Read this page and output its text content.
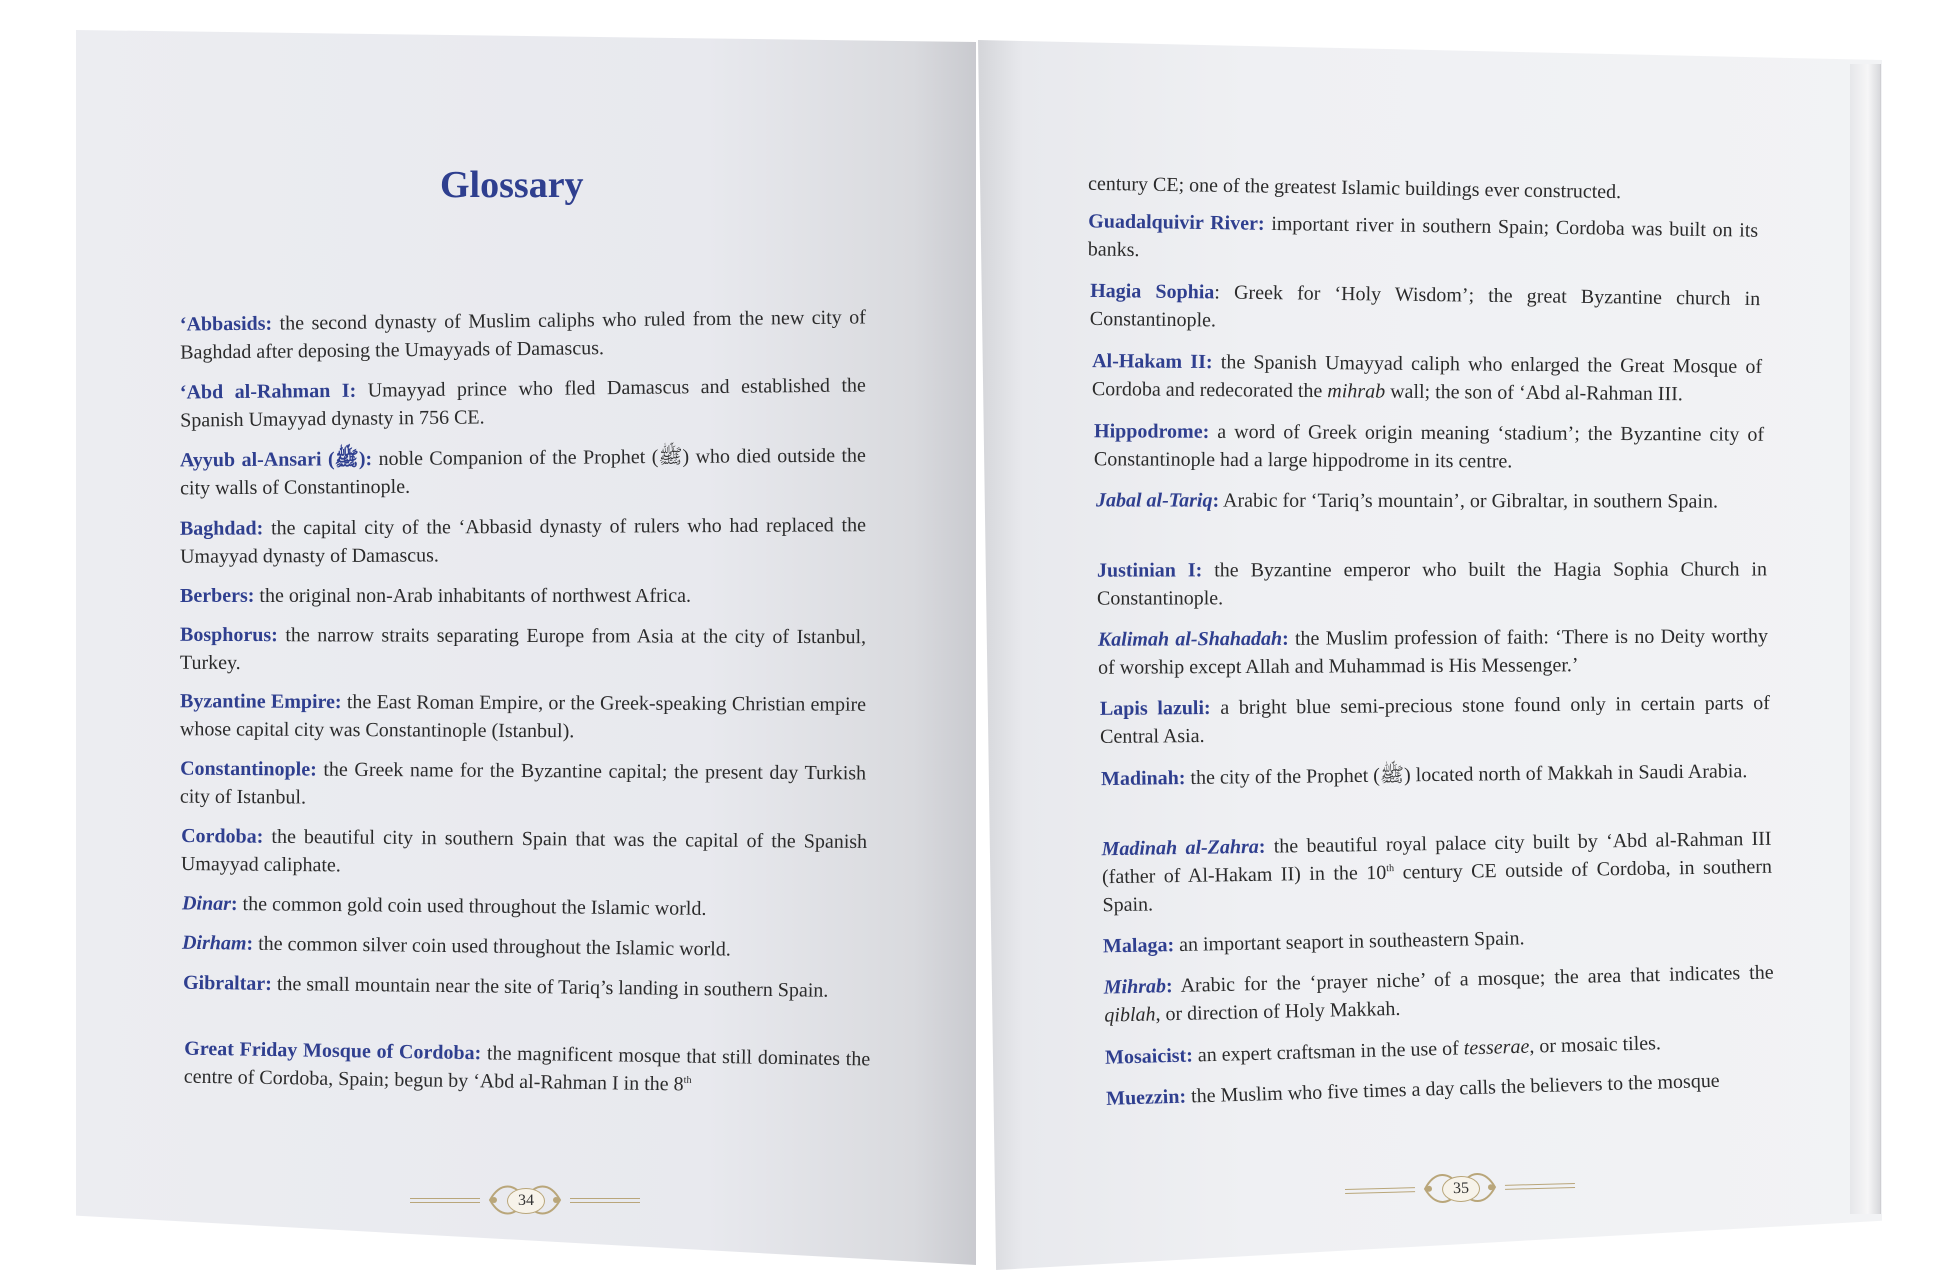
Glossary
‘Abbasids: the second dynasty of Muslim caliphs who ruled from the new city of Baghdad after deposing the Umayyads of Damascus.
‘Abd al-Rahman I: Umayyad prince who fled Damascus and established the Spanish Umayyad dynasty in 756 CE.
Ayyub al-Ansari (ﷺ): noble Companion of the Prophet (ﷺ) who died outside the city walls of Constantinople.
Baghdad: the capital city of the ‘Abbasid dynasty of rulers who had replaced the Umayyad dynasty of Damascus.
Berbers: the original non-Arab inhabitants of northwest Africa.
Bosphorus: the narrow straits separating Europe from Asia at the city of Istanbul, Turkey.
Byzantine Empire: the East Roman Empire, or the Greek-speaking Christian empire whose capital city was Constantinople (Istanbul).
Constantinople: the Greek name for the Byzantine capital; the present day Turkish city of Istanbul.
Cordoba: the beautiful city in southern Spain that was the capital of the Spanish Umayyad caliphate.
Dinar: the common gold coin used throughout the Islamic world.
Dirham: the common silver coin used throughout the Islamic world.
Gibraltar: the small mountain near the site of Tariq’s landing in southern Spain.
Great Friday Mosque of Cordoba: the magnificent mosque that still dominates the centre of Cordoba, Spain; begun by ‘Abd al-Rahman I in the 8th
34
century CE; one of the greatest Islamic buildings ever constructed.
Guadalquivir River: important river in southern Spain; Cordoba was built on its banks.
Hagia Sophia: Greek for ‘Holy Wisdom’; the great Byzantine church in Constantinople.
Al-Hakam II: the Spanish Umayyad caliph who enlarged the Great Mosque of Cordoba and redecorated the mihrab wall; the son of ‘Abd al-Rahman III.
Hippodrome: a word of Greek origin meaning ‘stadium’; the Byzantine city of Constantinople had a large hippodrome in its centre.
Jabal al-Tariq: Arabic for ‘Tariq’s mountain’, or Gibraltar, in southern Spain.
Justinian I: the Byzantine emperor who built the Hagia Sophia Church in Constantinople.
Kalimah al-Shahadah: the Muslim profession of faith: ‘There is no Deity worthy of worship except Allah and Muhammad is His Messenger.’
Lapis lazuli: a bright blue semi-precious stone found only in certain parts of Central Asia.
Madinah: the city of the Prophet (ﷺ) located north of Makkah in Saudi Arabia.
Madinah al-Zahra: the beautiful royal palace city built by ‘Abd al-Rahman III (father of Al-Hakam II) in the 10th century CE outside of Cordoba, in southern Spain.
Malaga: an important seaport in southeastern Spain.
Mihrab: Arabic for the ‘prayer niche’ of a mosque; the area that indicates the qiblah, or direction of Holy Makkah.
Mosaicist: an expert craftsman in the use of tesserae, or mosaic tiles.
Muezzin: the Muslim who five times a day calls the believers to the mosque
35
